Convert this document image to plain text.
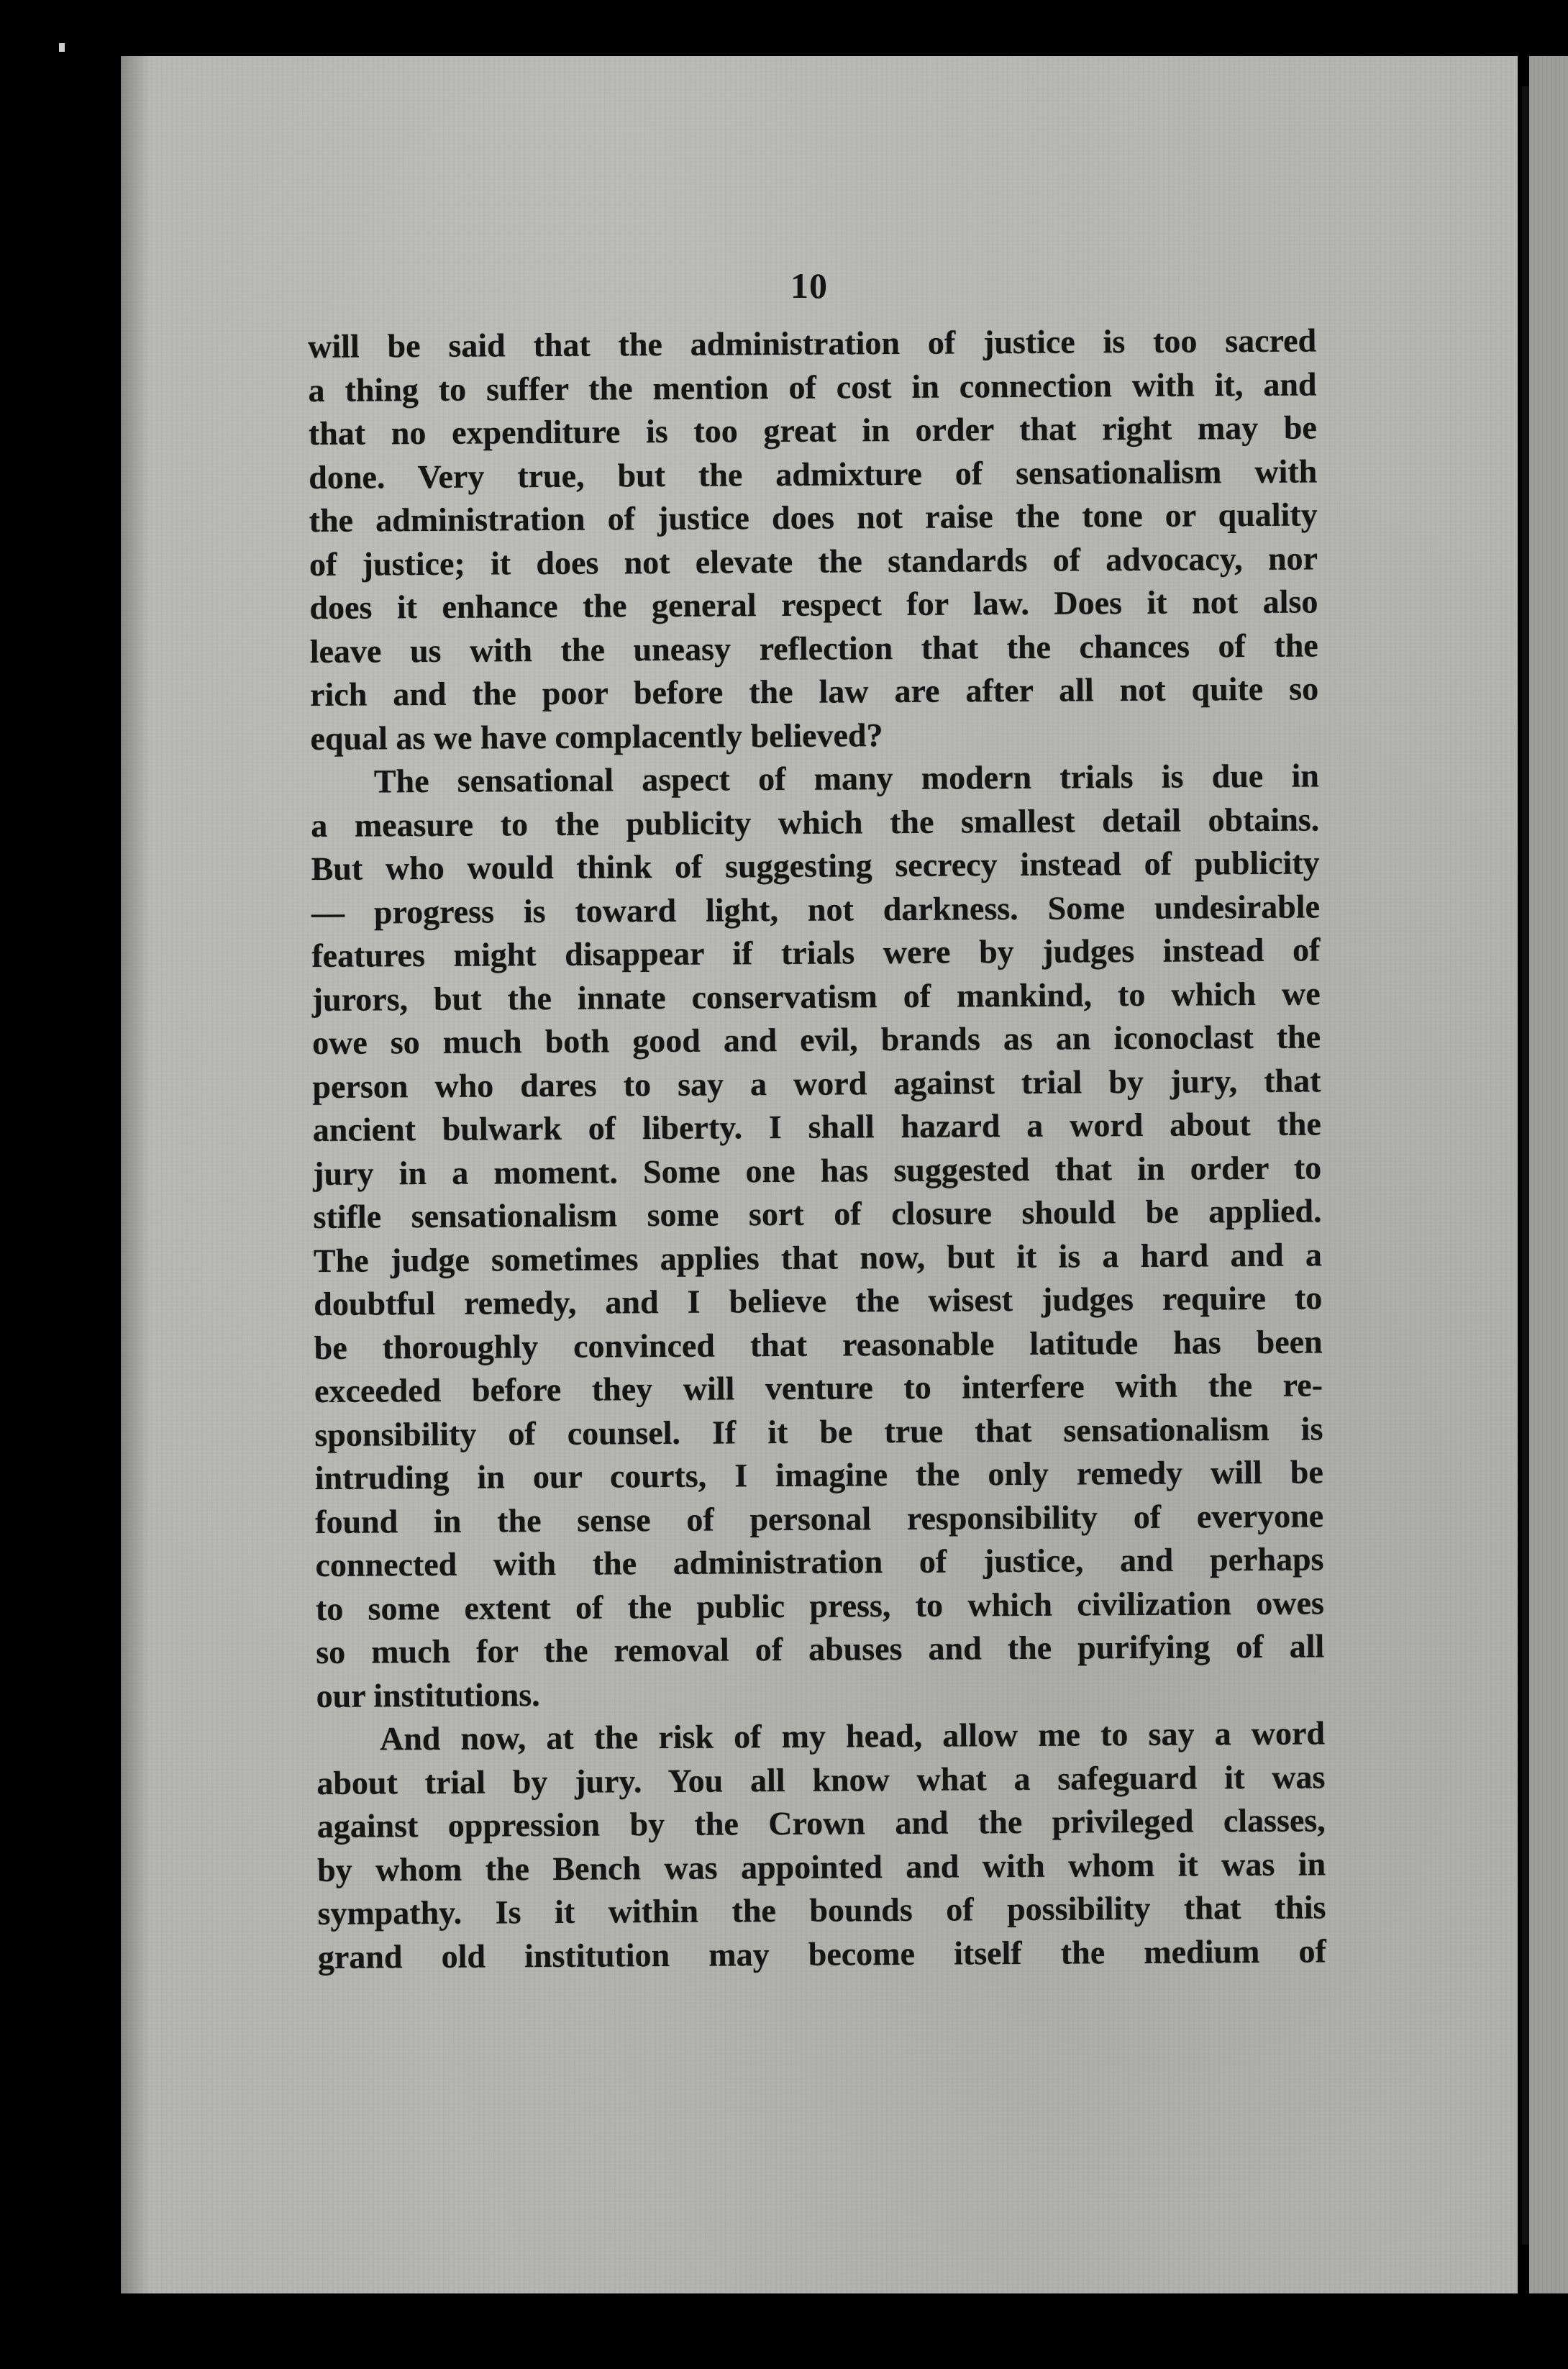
10
will be said that the administration of justice is too sacred
a thing to suffer the mention of cost in connection with it, and
that no expenditure is too great in order that right may be
done. Very true, but the admixture of sensationalism with
the administration of justice does not raise the tone or quality
of justice; it does not elevate the standards of advocacy, nor
does it enhance the general respect for law. Does it not also
leave us with the uneasy reflection that the chances of the
rich and the poor before the law are after all not quite so
equal as we have complacently believed?
The sensational aspect of many modern trials is due in
a measure to the publicity which the smallest detail obtains.
But who would think of suggesting secrecy instead of publicity
— progress is toward light, not darkness. Some undesirable
features might disappear if trials were by judges instead of
jurors, but the innate conservatism of mankind, to which we
owe so much both good and evil, brands as an iconoclast the
person who dares to say a word against trial by jury, that
ancient bulwark of liberty. I shall hazard a word about the
jury in a moment. Some one has suggested that in order to
stifle sensationalism some sort of closure should be applied.
The judge sometimes applies that now, but it is a hard and a
doubtful remedy, and I believe the wisest judges require to
be thoroughly convinced that reasonable latitude has been
exceeded before they will venture to interfere with the re-
sponsibility of counsel. If it be true that sensationalism is
intruding in our courts, I imagine the only remedy will be
found in the sense of personal responsibility of everyone
connected with the administration of justice, and perhaps
to some extent of the public press, to which civilization owes
so much for the removal of abuses and the purifying of all
our institutions.
And now, at the risk of my head, allow me to say a word
about trial by jury. You all know what a safeguard it was
against oppression by the Crown and the privileged classes,
by whom the Bench was appointed and with whom it was in
sympathy. Is it within the bounds of possibility that this
grand old institution may become itself the medium of
